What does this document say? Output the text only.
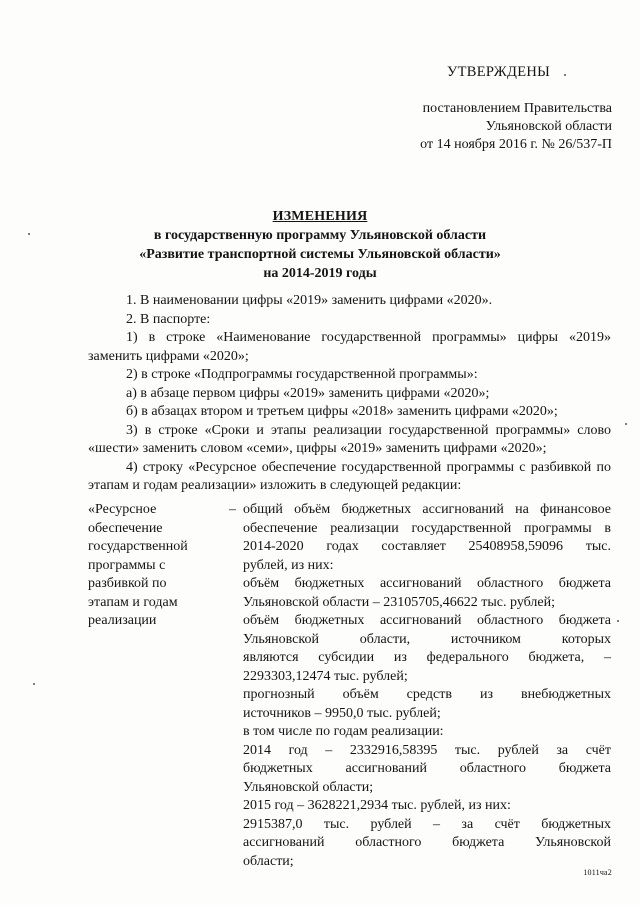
УТВЕРЖДЕНЫ
постановлением Правительства
Ульяновской области
от 14 ноября 2016 г. № 26/537-П
ИЗМЕНЕНИЯ
в государственную программу Ульяновской области
«Развитие транспортной системы Ульяновской области»
на 2014-2019 годы

1. В наименовании цифры «2019» заменить цифрами «2020».

2. В паспорте:

1) в строке «Наименование государственной программы» цифры «2019» заменить цифрами «2020»;

2) в строке «Подпрограммы государственной программы»:

а) в абзаце первом цифры «2019» заменить цифрами «2020»;

б) в абзацах втором и третьем цифры «2018» заменить цифрами «2020»;

3) в строке «Сроки и этапы реализации государственной программы» слово «шести» заменить словом «семи», цифры «2019» заменить цифрами «2020»;

4) строку «Ресурсное обеспечение государственной программы с разбивкой по этапам и годам реализации» изложить в следующей редакции:

«Ресурсное
обеспечение
государственной
программы с
разбивкой по
этапам и годам
реализации
– общий объём бюджетных ассигнований на финансовое
обеспечение реализации государственной программы в
2014-2020 годах составляет 25408958,59096 тыс.
рублей, из них:
объём бюджетных ассигнований областного бюджета
Ульяновской области – 23105705,46622 тыс. рублей;
объём бюджетных ассигнований областного бюджета
Ульяновской области, источником которых
являются субсидии из федерального бюджета, –
2293303,12474 тыс. рублей;
прогнозный объём средств из внебюджетных
источников – 9950,0 тыс. рублей;
в том числе по годам реализации:
2014 год – 2332916,58395 тыс. рублей за счёт
бюджетных ассигнований областного бюджета
Ульяновской области;
2015 год – 3628221,2934 тыс. рублей, из них:
2915387,0 тыс. рублей – за счёт бюджетных
ассигнований областного бюджета Ульяновской
области;
1011ча2
